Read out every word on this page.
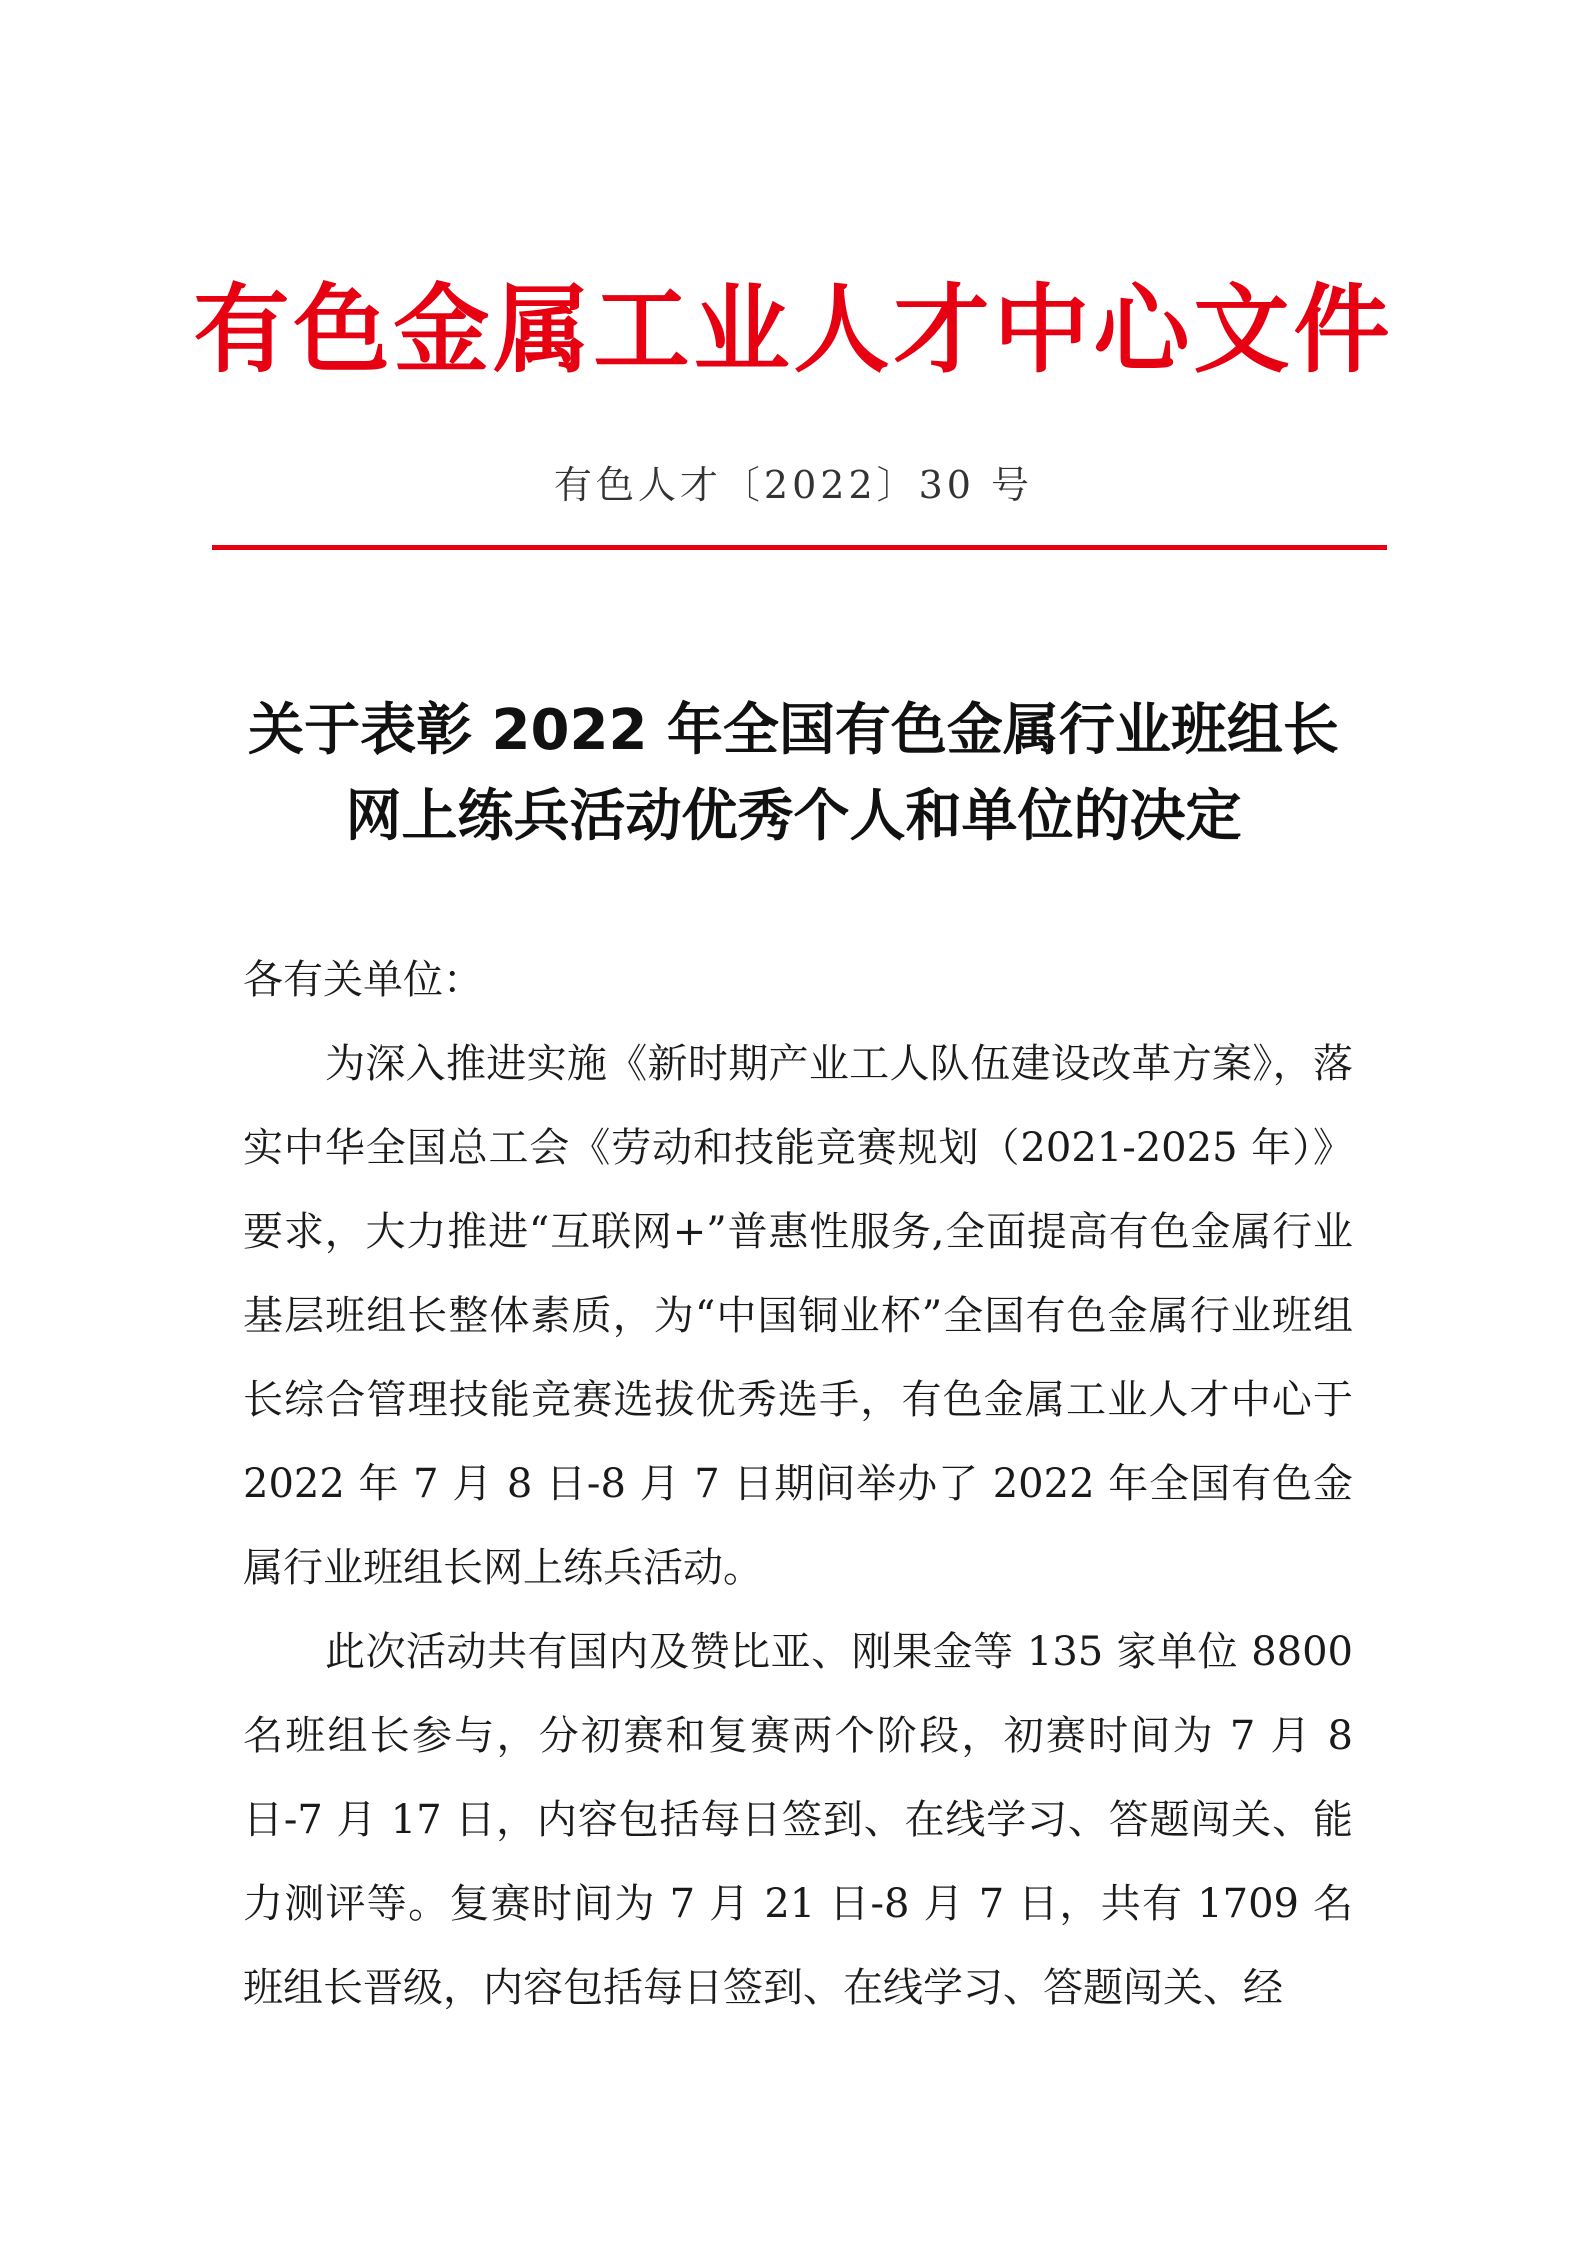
有色金属工业人才中心文件
有色人才〔2022〕30 号
关于表彰 2022 年全国有色金属行业班组长
网上练兵活动优秀个人和单位的决定

各有关单位：

为深入推进实施《新时期产业工人队伍建设改革方案》，落实中华全国总工会《劳动和技能竞赛规划（2021-2025 年）》要求，大力推进“互联网+”普惠性服务,全面提高有色金属行业基层班组长整体素质，为“中国铜业杯”全国有色金属行业班组长综合管理技能竞赛选拔优秀选手，有色金属工业人才中心于 2022 年 7 月 8 日-8 月 7 日期间举办了 2022 年全国有色金属行业班组长网上练兵活动。

此次活动共有国内及赞比亚、刚果金等 135 家单位 8800 名班组长参与，分初赛和复赛两个阶段，初赛时间为 7 月 8 日-7 月 17 日，内容包括每日签到、在线学习、答题闯关、能力测评等。复赛时间为 7 月 21 日-8 月 7 日，共有 1709 名班组长晋级，内容包括每日签到、在线学习、答题闯关、经
